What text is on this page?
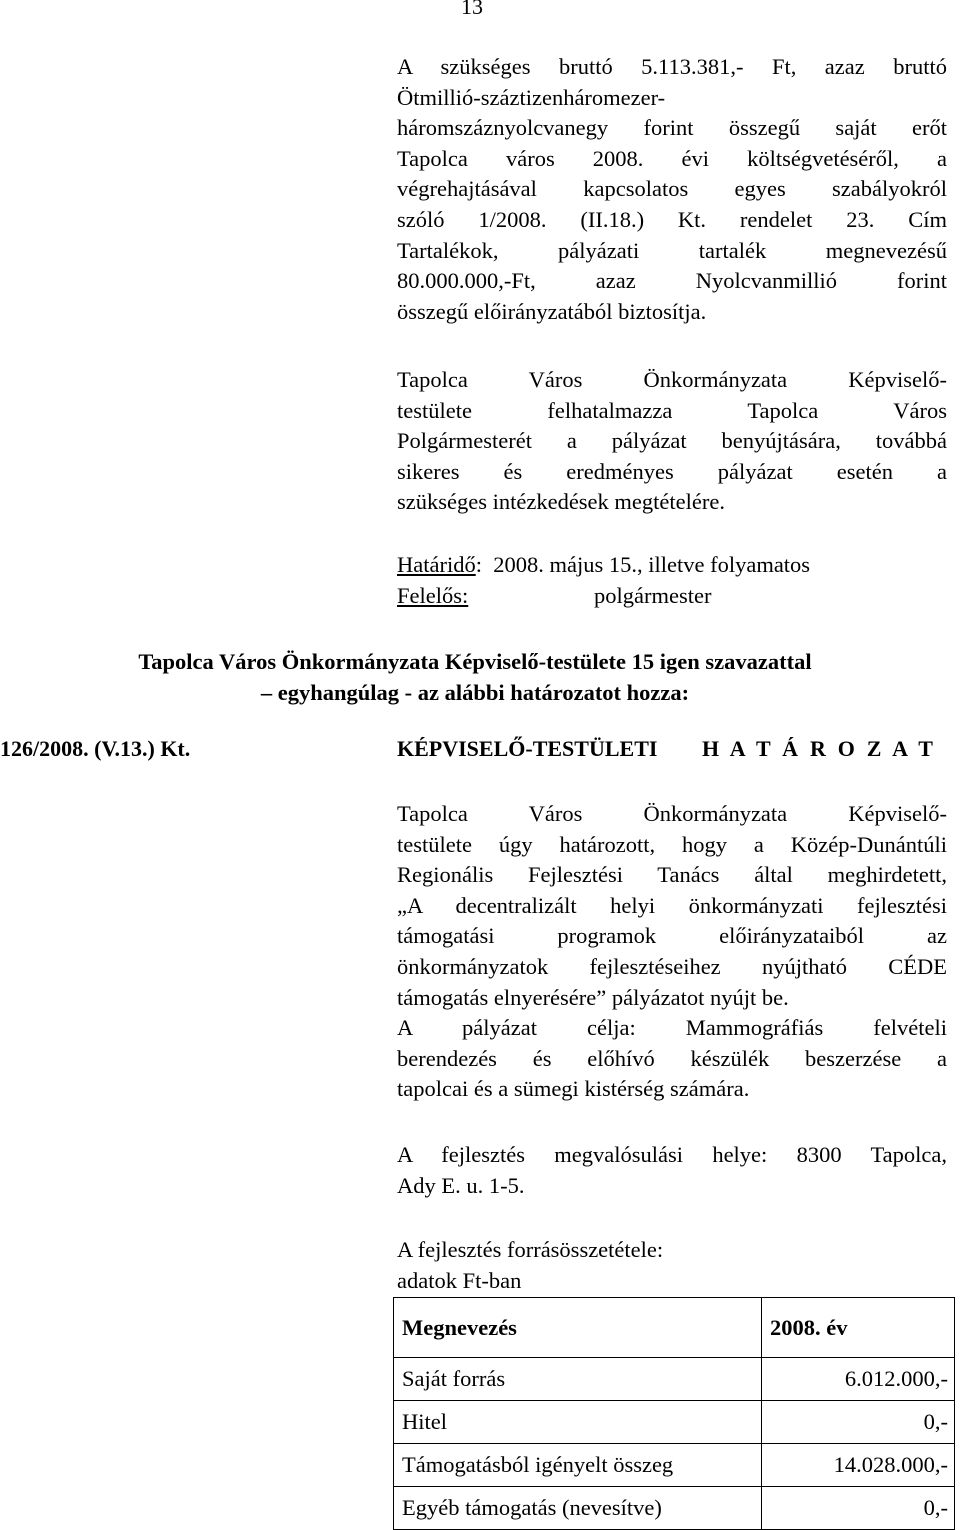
13
A szükséges bruttó 5.113.381,- Ft, azaz bruttó
Ötmillió-száztizenháromezer-
háromszáznyolcvanegy forint összegű saját erőt
Tapolca város 2008. évi költségvetéséről, a
végrehajtásával kapcsolatos egyes szabályokról
szóló 1/2008. (II.18.) Kt. rendelet 23. Cím
Tartalékok, pályázati tartalék megnevezésű
80.000.000,-Ft, azaz Nyolcvanmillió forint
összegű előirányzatából biztosítja.
Tapolca Város Önkormányzata Képviselő-
testülete felhatalmazza Tapolca Város
Polgármesterét a pályázat benyújtására, továbbá
sikeres és eredményes pályázat esetén a
szükséges intézkedések megtételére.
Határidő : 2008. május 15., illetve folyamatos
Felelős:	polgármester
Tapolca Város Önkormányzata Képviselő-testülete 15 igen szavazattal
– egyhangúlag - az alábbi határozatot hozza:
126/2008. (V.13.) Kt.	KÉPVISELŐ-TESTÜLETI H A T Á R O Z A T
Tapolca Város Önkormányzata Képviselő-
testülete úgy határozott, hogy a Közép-Dunántúli
Regionális Fejlesztési Tanács által meghirdetett,
„A decentralizált helyi önkormányzati fejlesztési
támogatási programok előirányzataiból az
önkormányzatok fejlesztéseihez nyújtható CÉDE
támogatás elnyerésére” pályázatot nyújt be.
A pályázat célja: Mammográfiás felvételi
berendezés és előhívó készülék beszerzése a
tapolcai és a sümegi kistérség számára.
A fejlesztés megvalósulási helye: 8300 Tapolca,
Ady E. u. 1-5.
A fejlesztés forrásösszetétele:
adatok Ft-ban
Megnevezés	2008. év
Saját forrás	6.012.000,-
Hitel	0,-
Támogatásból igényelt összeg	14.028.000,-
Egyéb támogatás (nevesítve)	0,-
